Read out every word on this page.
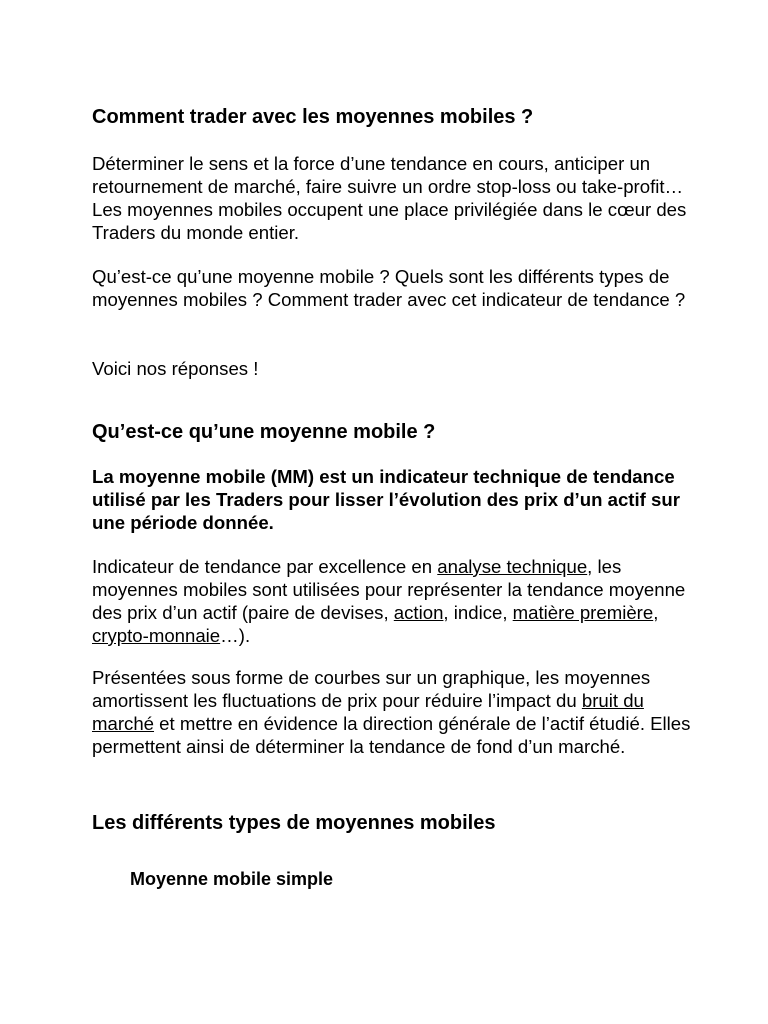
Comment trader avec les moyennes mobiles ?

Déterminer le sens et la force d’une tendance en cours, anticiper un retournement de marché, faire suivre un ordre stop-loss ou take-profit… Les moyennes mobiles occupent une place privilégiée dans le cœur des Traders du monde entier.

Qu’est-ce qu’une moyenne mobile ? Quels sont les différents types de moyennes mobiles ? Comment trader avec cet indicateur de tendance ?

Voici nos réponses !

Qu’est-ce qu’une moyenne mobile ?

La moyenne mobile (MM) est un indicateur technique de tendance utilisé par les Traders pour lisser l’évolution des prix d’un actif sur une période donnée.

Indicateur de tendance par excellence en analyse technique, les moyennes mobiles sont utilisées pour représenter la tendance moyenne des prix d’un actif (paire de devises, action, indice, matière première, crypto-monnaie…).

Présentées sous forme de courbes sur un graphique, les moyennes amortissent les fluctuations de prix pour réduire l’impact du bruit du marché et mettre en évidence la direction générale de l’actif étudié. Elles permettent ainsi de déterminer la tendance de fond d’un marché.

Les différents types de moyennes mobiles
Moyenne mobile simple
